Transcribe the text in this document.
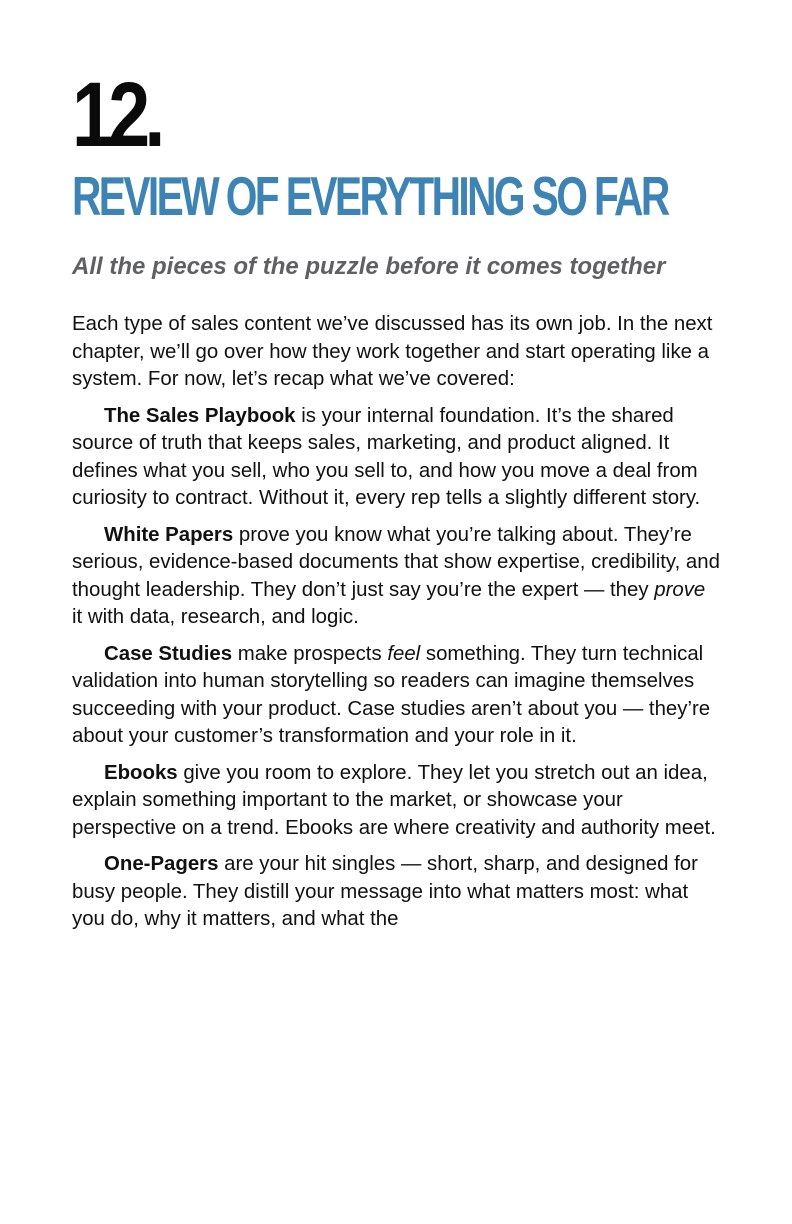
12.
REVIEW OF EVERYTHING SO FAR

All the pieces of the puzzle before it comes together

Each type of sales content we’ve discussed has its own job. In the next chapter, we’ll go over how they work together and start operating like a system. For now, let’s recap what we’ve covered:

The Sales Playbook is your internal foundation. It’s the shared source of truth that keeps sales, marketing, and product aligned. It defines what you sell, who you sell to, and how you move a deal from curiosity to contract. Without it, every rep tells a slightly different story.

White Papers prove you know what you’re talking about. They’re serious, evidence-based documents that show expertise, credibility, and thought leadership. They don’t just say you’re the expert — they prove it with data, research, and logic.

Case Studies make prospects feel something. They turn technical validation into human storytelling so readers can imagine themselves succeeding with your product. Case studies aren’t about you — they’re about your customer’s transformation and your role in it.

Ebooks give you room to explore. They let you stretch out an idea, explain something important to the market, or showcase your perspective on a trend. Ebooks are where creativity and authority meet.

One-Pagers are your hit singles — short, sharp, and designed for busy people. They distill your message into what matters most: what you do, why it matters, and what the
